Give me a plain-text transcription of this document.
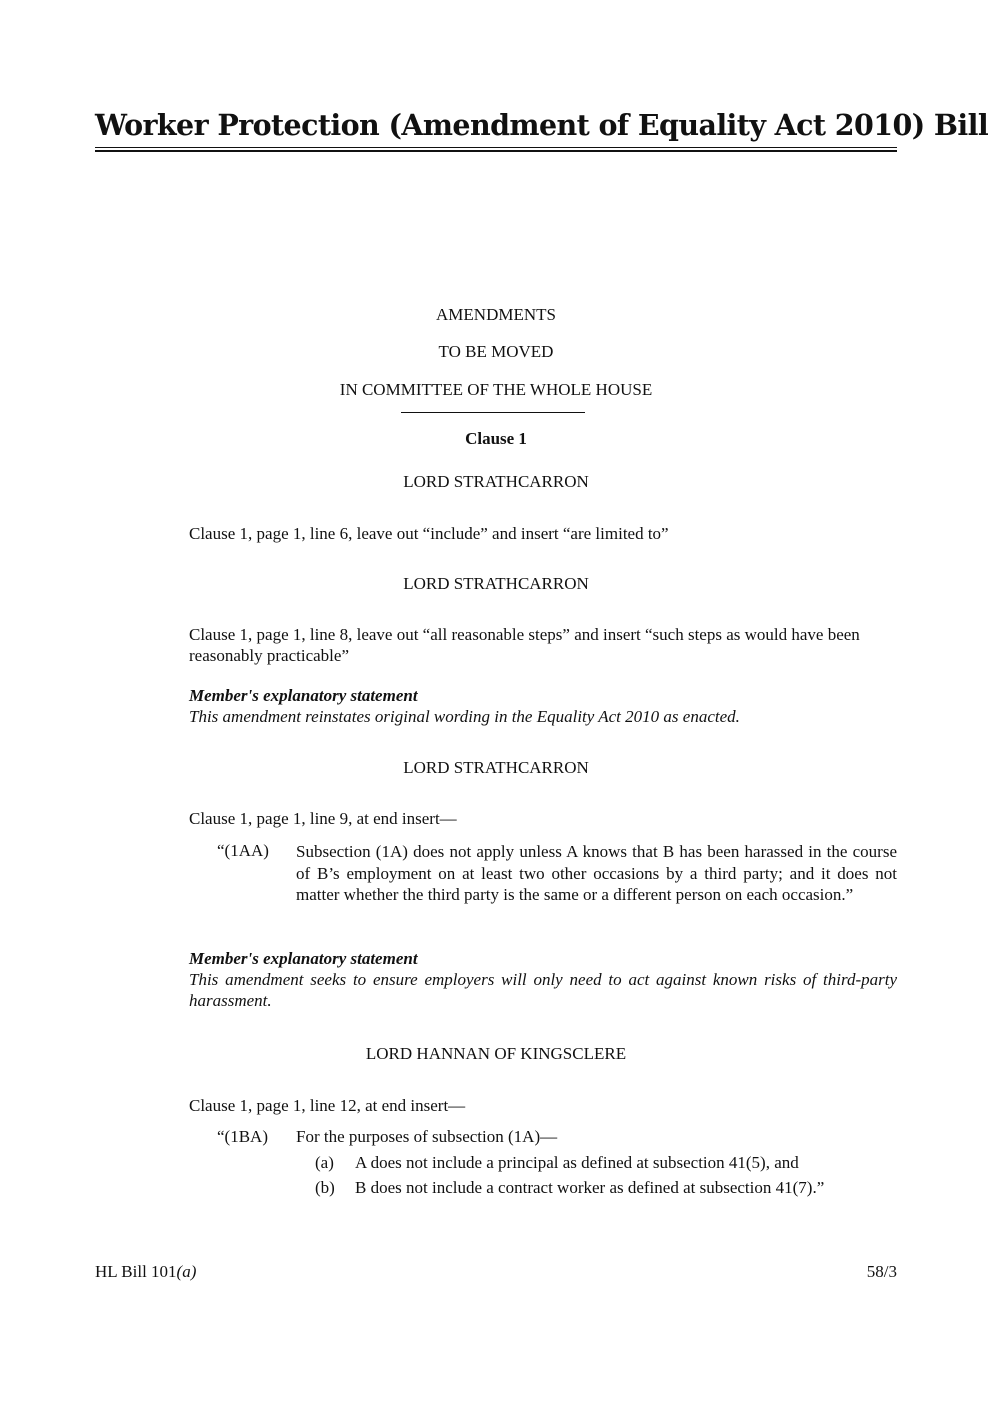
Worker Protection (Amendment of Equality Act 2010) Bill
AMENDMENTS
TO BE MOVED
IN COMMITTEE OF THE WHOLE HOUSE
Clause 1
LORD STRATHCARRON
Clause 1, page 1, line 6, leave out “include” and insert “are limited to”
LORD STRATHCARRON
Clause 1, page 1, line 8, leave out “all reasonable steps” and insert “such steps as would have been reasonably practicable”
Member's explanatory statement
This amendment reinstates original wording in the Equality Act 2010 as enacted.
LORD STRATHCARRON
Clause 1, page 1, line 9, at end insert—
“(1AA) Subsection (1A) does not apply unless A knows that B has been harassed in the course of B’s employment on at least two other occasions by a third party; and it does not matter whether the third party is the same or a different person on each occasion.”
Member's explanatory statement
This amendment seeks to ensure employers will only need to act against known risks of third-party harassment.
LORD HANNAN OF KINGSCLERE
Clause 1, page 1, line 12, at end insert—
“(1BA) For the purposes of subsection (1A)—
(a) A does not include a principal as defined at subsection 41(5), and
(b) B does not include a contract worker as defined at subsection 41(7).”
HL Bill 101(a)	58/3
